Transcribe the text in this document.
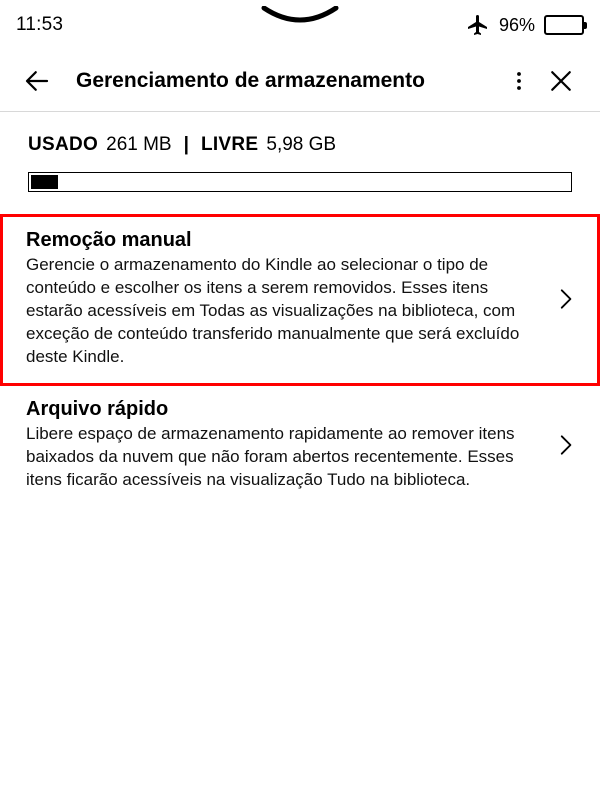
11:53	96%
Gerenciamento de armazenamento
USADO 261 MB | LIVRE 5,98 GB
Remoção manual
Gerencie o armazenamento do Kindle ao selecionar o tipo de conteúdo e escolher os itens a serem removidos. Esses itens estarão acessíveis em Todas as visualizações na biblioteca, com exceção de conteúdo transferido manualmente que será excluído deste Kindle.
Arquivo rápido
Libere espaço de armazenamento rapidamente ao remover itens baixados da nuvem que não foram abertos recentemente. Esses itens ficarão acessíveis na visualização Tudo na biblioteca.
